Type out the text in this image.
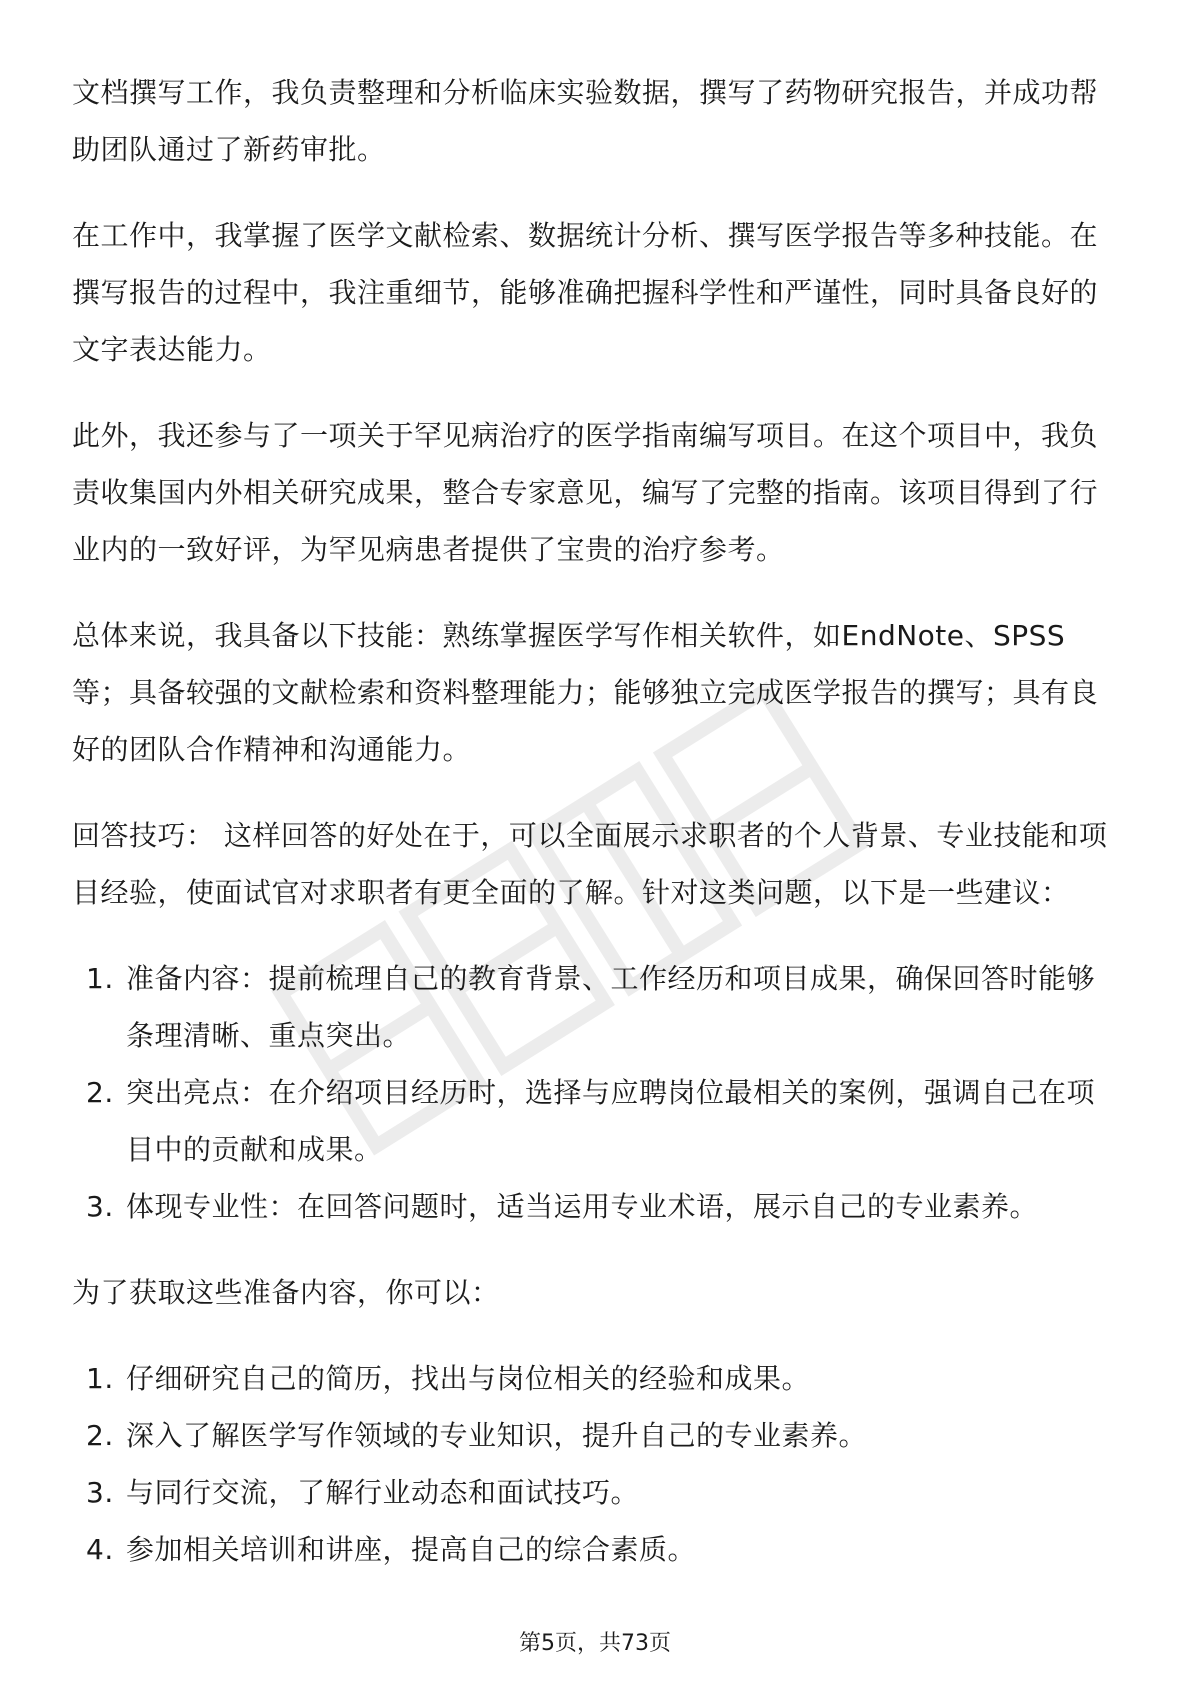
文档撰写工作，我负责整理和分析临床实验数据，撰写了药物研究报告，并成功帮助团队通过了新药审批。

在工作中，我掌握了医学文献检索、数据统计分析、撰写医学报告等多种技能。在撰写报告的过程中，我注重细节，能够准确把握科学性和严谨性，同时具备良好的文字表达能力。

此外，我还参与了一项关于罕见病治疗的医学指南编写项目。在这个项目中，我负责收集国内外相关研究成果，整合专家意见，编写了完整的指南。该项目得到了行业内的一致好评，为罕见病患者提供了宝贵的治疗参考。

总体来说，我具备以下技能：熟练掌握医学写作相关软件，如EndNote、SPSS等；具备较强的文献检索和资料整理能力；能够独立完成医学报告的撰写；具有良好的团队合作精神和沟通能力。

回答技巧： 这样回答的好处在于，可以全面展示求职者的个人背景、专业技能和项目经验，使面试官对求职者有更全面的了解。针对这类问题，以下是一些建议：

1. 准备内容：提前梳理自己的教育背景、工作经历和项目成果，确保回答时能够条理清晰、重点突出。
2. 突出亮点：在介绍项目经历时，选择与应聘岗位最相关的案例，强调自己在项目中的贡献和成果。
3. 体现专业性：在回答问题时，适当运用专业术语，展示自己的专业素养。

为了获取这些准备内容，你可以：

1. 仔细研究自己的简历，找出与岗位相关的经验和成果。
2. 深入了解医学写作领域的专业知识，提升自己的专业素养。
3. 与同行交流，了解行业动态和面试技巧。
4. 参加相关培训和讲座，提高自己的综合素质。
第5页，共73页
